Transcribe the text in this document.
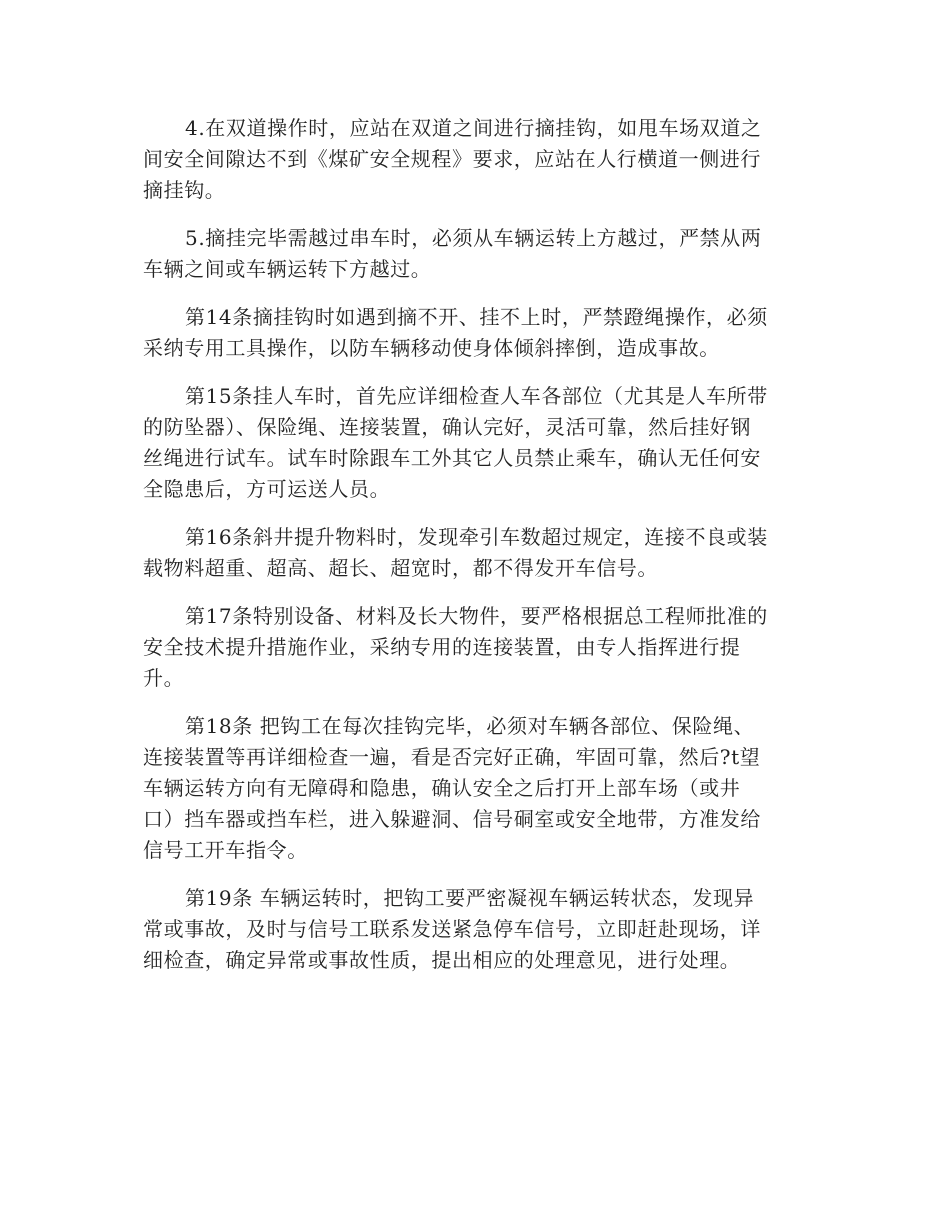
4.在双道操作时，应站在双道之间进行摘挂钩，如甩车场双道之
间安全间隙达不到《煤矿安全规程》要求，应站在人行横道一侧进行
摘挂钩。

5.摘挂完毕需越过串车时，必须从车辆运转上方越过，严禁从两
车辆之间或车辆运转下方越过。

第14条摘挂钩时如遇到摘不开、挂不上时，严禁蹬绳操作，必须
采纳专用工具操作，以防车辆移动使身体倾斜摔倒，造成事故。

第15条挂人车时，首先应详细检查人车各部位（尤其是人车所带
的防坠器）、保险绳、连接装置，确认完好，灵活可靠，然后挂好钢
丝绳进行试车。试车时除跟车工外其它人员禁止乘车，确认无任何安
全隐患后，方可运送人员。

第16条斜井提升物料时，发现牵引车数超过规定，连接不良或装
载物料超重、超高、超长、超宽时，都不得发开车信号。

第17条特别设备、材料及长大物件，要严格根据总工程师批准的
安全技术提升措施作业，采纳专用的连接装置，由专人指挥进行提
升。

第18条 把钩工在每次挂钩完毕，必须对车辆各部位、保险绳、
连接装置等再详细检查一遍，看是否完好正确，牢固可靠，然后?t望
车辆运转方向有无障碍和隐患，确认安全之后打开上部车场（或井
口）挡车器或挡车栏，进入躲避洞、信号硐室或安全地带，方准发给
信号工开车指令。

第19条 车辆运转时，把钩工要严密凝视车辆运转状态，发现异
常或事故，及时与信号工联系发送紧急停车信号，立即赶赴现场，详
细检查，确定异常或事故性质，提出相应的处理意见，进行处理。
